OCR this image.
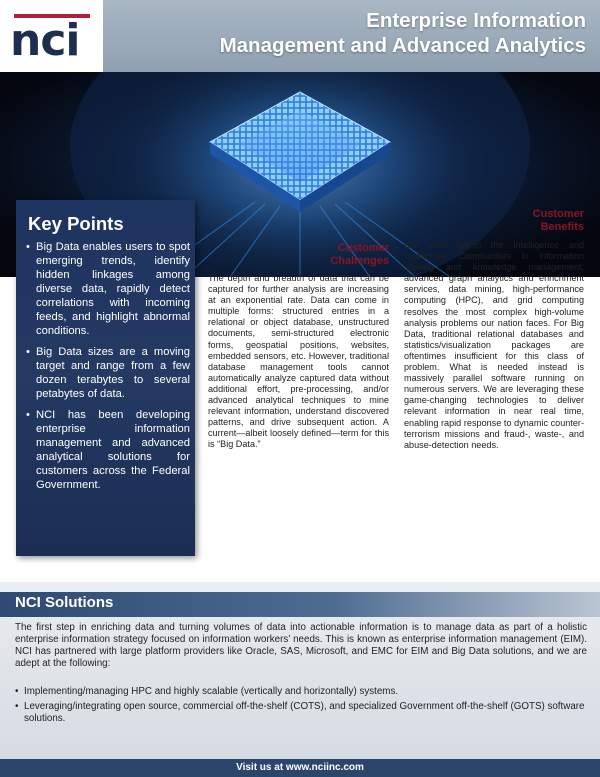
nci	Enterprise Information
Management and Advanced Analytics
Key Points
• Big Data enables users to spot emerging trends, identify hidden linkages among diverse data, rapidly detect correlations with incoming feeds, and highlight abnormal conditions.
• Big Data sizes are a moving target and range from a few dozen terabytes to several petabytes of data.
• NCI has been developing enterprise information management and advanced analytical solutions for customers across the Federal Government.
Customer
Challenges
The depth and breadth of data that can be captured for further analysis are increasing at an exponential rate. Data can come in multiple forms: structured entries in a relational or object database, unstructured documents, semi-structured electronic forms, geospatial positions, websites, embedded sensors, etc. However, traditional database management tools cannot automatically analyze captured data without additional effort, pre-processing, and/or advanced analytical techniques to mine relevant information, understand discovered patterns, and drive subsequent action. A current—albeit loosely defined—term for this is “Big Data.”
Customer
Benefits
Our work within the Intelligence and Healthcare Communities in information sharing and knowledge management, advanced graph analytics and enrichment services, data mining, high-performance computing (HPC), and grid computing resolves the most complex high-volume analysis problems our nation faces. For Big Data, traditional relational databases and statistics/visualization packages are oftentimes insufficient for this class of problem. What is needed instead is massively parallel software running on numerous servers. We are leveraging these game-changing technologies to deliver relevant information in near real time, enabling rapid response to dynamic counterterrorism missions and fraud-, waste-, and abuse-detection needs.
NCI Solutions
The first step in enriching data and turning volumes of data into actionable information is to manage data as part of a holistic enterprise information strategy focused on information workers’ needs. This is known as enterprise information management (EIM). NCI has partnered with large platform providers like Oracle, SAS, Microsoft, and EMC for EIM and Big Data solutions, and we are adept at the following:
• Implementing/managing HPC and highly scalable (vertically and horizontally) systems.
• Leveraging/integrating open source, commercial off-the-shelf (COTS), and specialized Government off-the-shelf (GOTS) software solutions.
Visit us at www.nciinc.com
